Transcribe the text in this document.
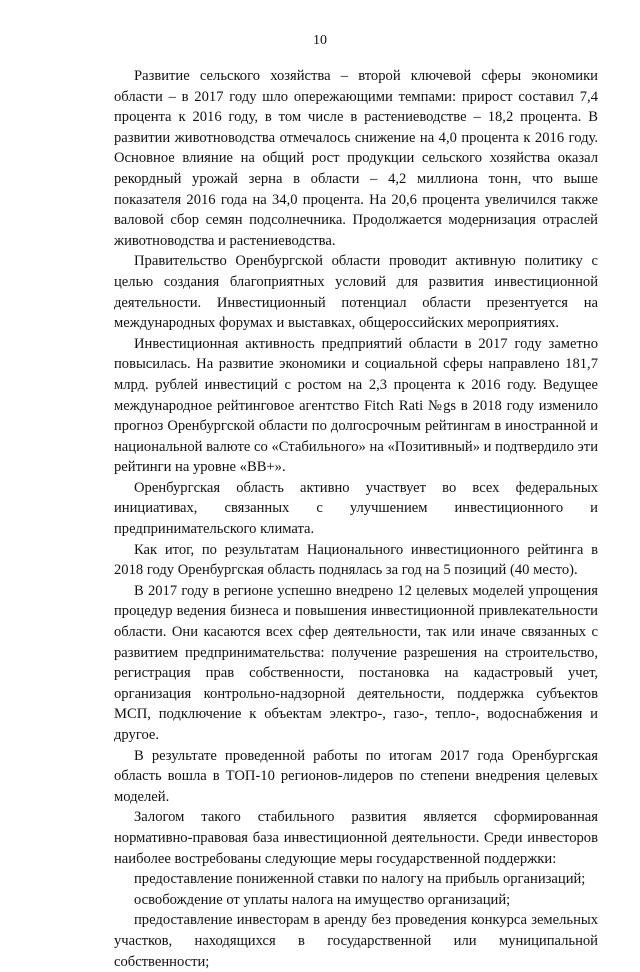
10

Развитие сельского хозяйства – второй ключевой сферы экономики области – в 2017 году шло опережающими темпами: прирост составил 7,4 процента к 2016 году, в том числе в растениеводстве – 18,2 процента. В развитии животноводства отмечалось снижение на 4,0 процента к 2016 году. Основное влияние на общий рост продукции сельского хозяйства оказал рекордный урожай зерна в области – 4,2 миллиона тонн, что выше показателя 2016 года на 34,0 процента. На 20,6 процента увеличился также валовой сбор семян подсолнечника. Продолжается модернизация отраслей животноводства и растениеводства.

Правительство Оренбургской области проводит активную политику с целью создания благоприятных условий для развития инвестиционной деятельности. Инвестиционный потенциал области презентуется на международных форумах и выставках, общероссийских мероприятиях.

Инвестиционная активность предприятий области в 2017 году заметно повысилась. На развитие экономики и социальной сферы направлено 181,7 млрд. рублей инвестиций с ростом на 2,3 процента к 2016 году. Ведущее международное рейтинговое агентство Fitch Rati №gs в 2018 году изменило прогноз Оренбургской области по долгосрочным рейтингам в иностранной и национальной валюте со «Стабильного» на «Позитивный» и подтвердило эти рейтинги на уровне «ВВ+».

Оренбургская область активно участвует во всех федеральных инициативах, связанных с улучшением инвестиционного и предпринимательского климата.

Как итог, по результатам Национального инвестиционного рейтинга в 2018 году Оренбургская область поднялась за год на 5 позиций (40 место).

В 2017 году в регионе успешно внедрено 12 целевых моделей упрощения процедур ведения бизнеса и повышения инвестиционной привлекательности области. Они касаются всех сфер деятельности, так или иначе связанных с развитием предпринимательства: получение разрешения на строительство, регистрация прав собственности, постановка на кадастровый учет, организация контрольно-надзорной деятельности, поддержка субъектов МСП, подключение к объектам электро-, газо-, тепло-, водоснабжения и другое.

В результате проведенной работы по итогам 2017 года Оренбургская область вошла в ТОП-10 регионов-лидеров по степени внедрения целевых моделей.

Залогом такого стабильного развития является сформированная нормативно-правовая база инвестиционной деятельности. Среди инвесторов наиболее востребованы следующие меры государственной поддержки:

предоставление пониженной ставки по налогу на прибыль организаций;

освобождение от уплаты налога на имущество организаций;

предоставление инвесторам в аренду без проведения конкурса земельных участков, находящихся в государственной или муниципальной собственности;
